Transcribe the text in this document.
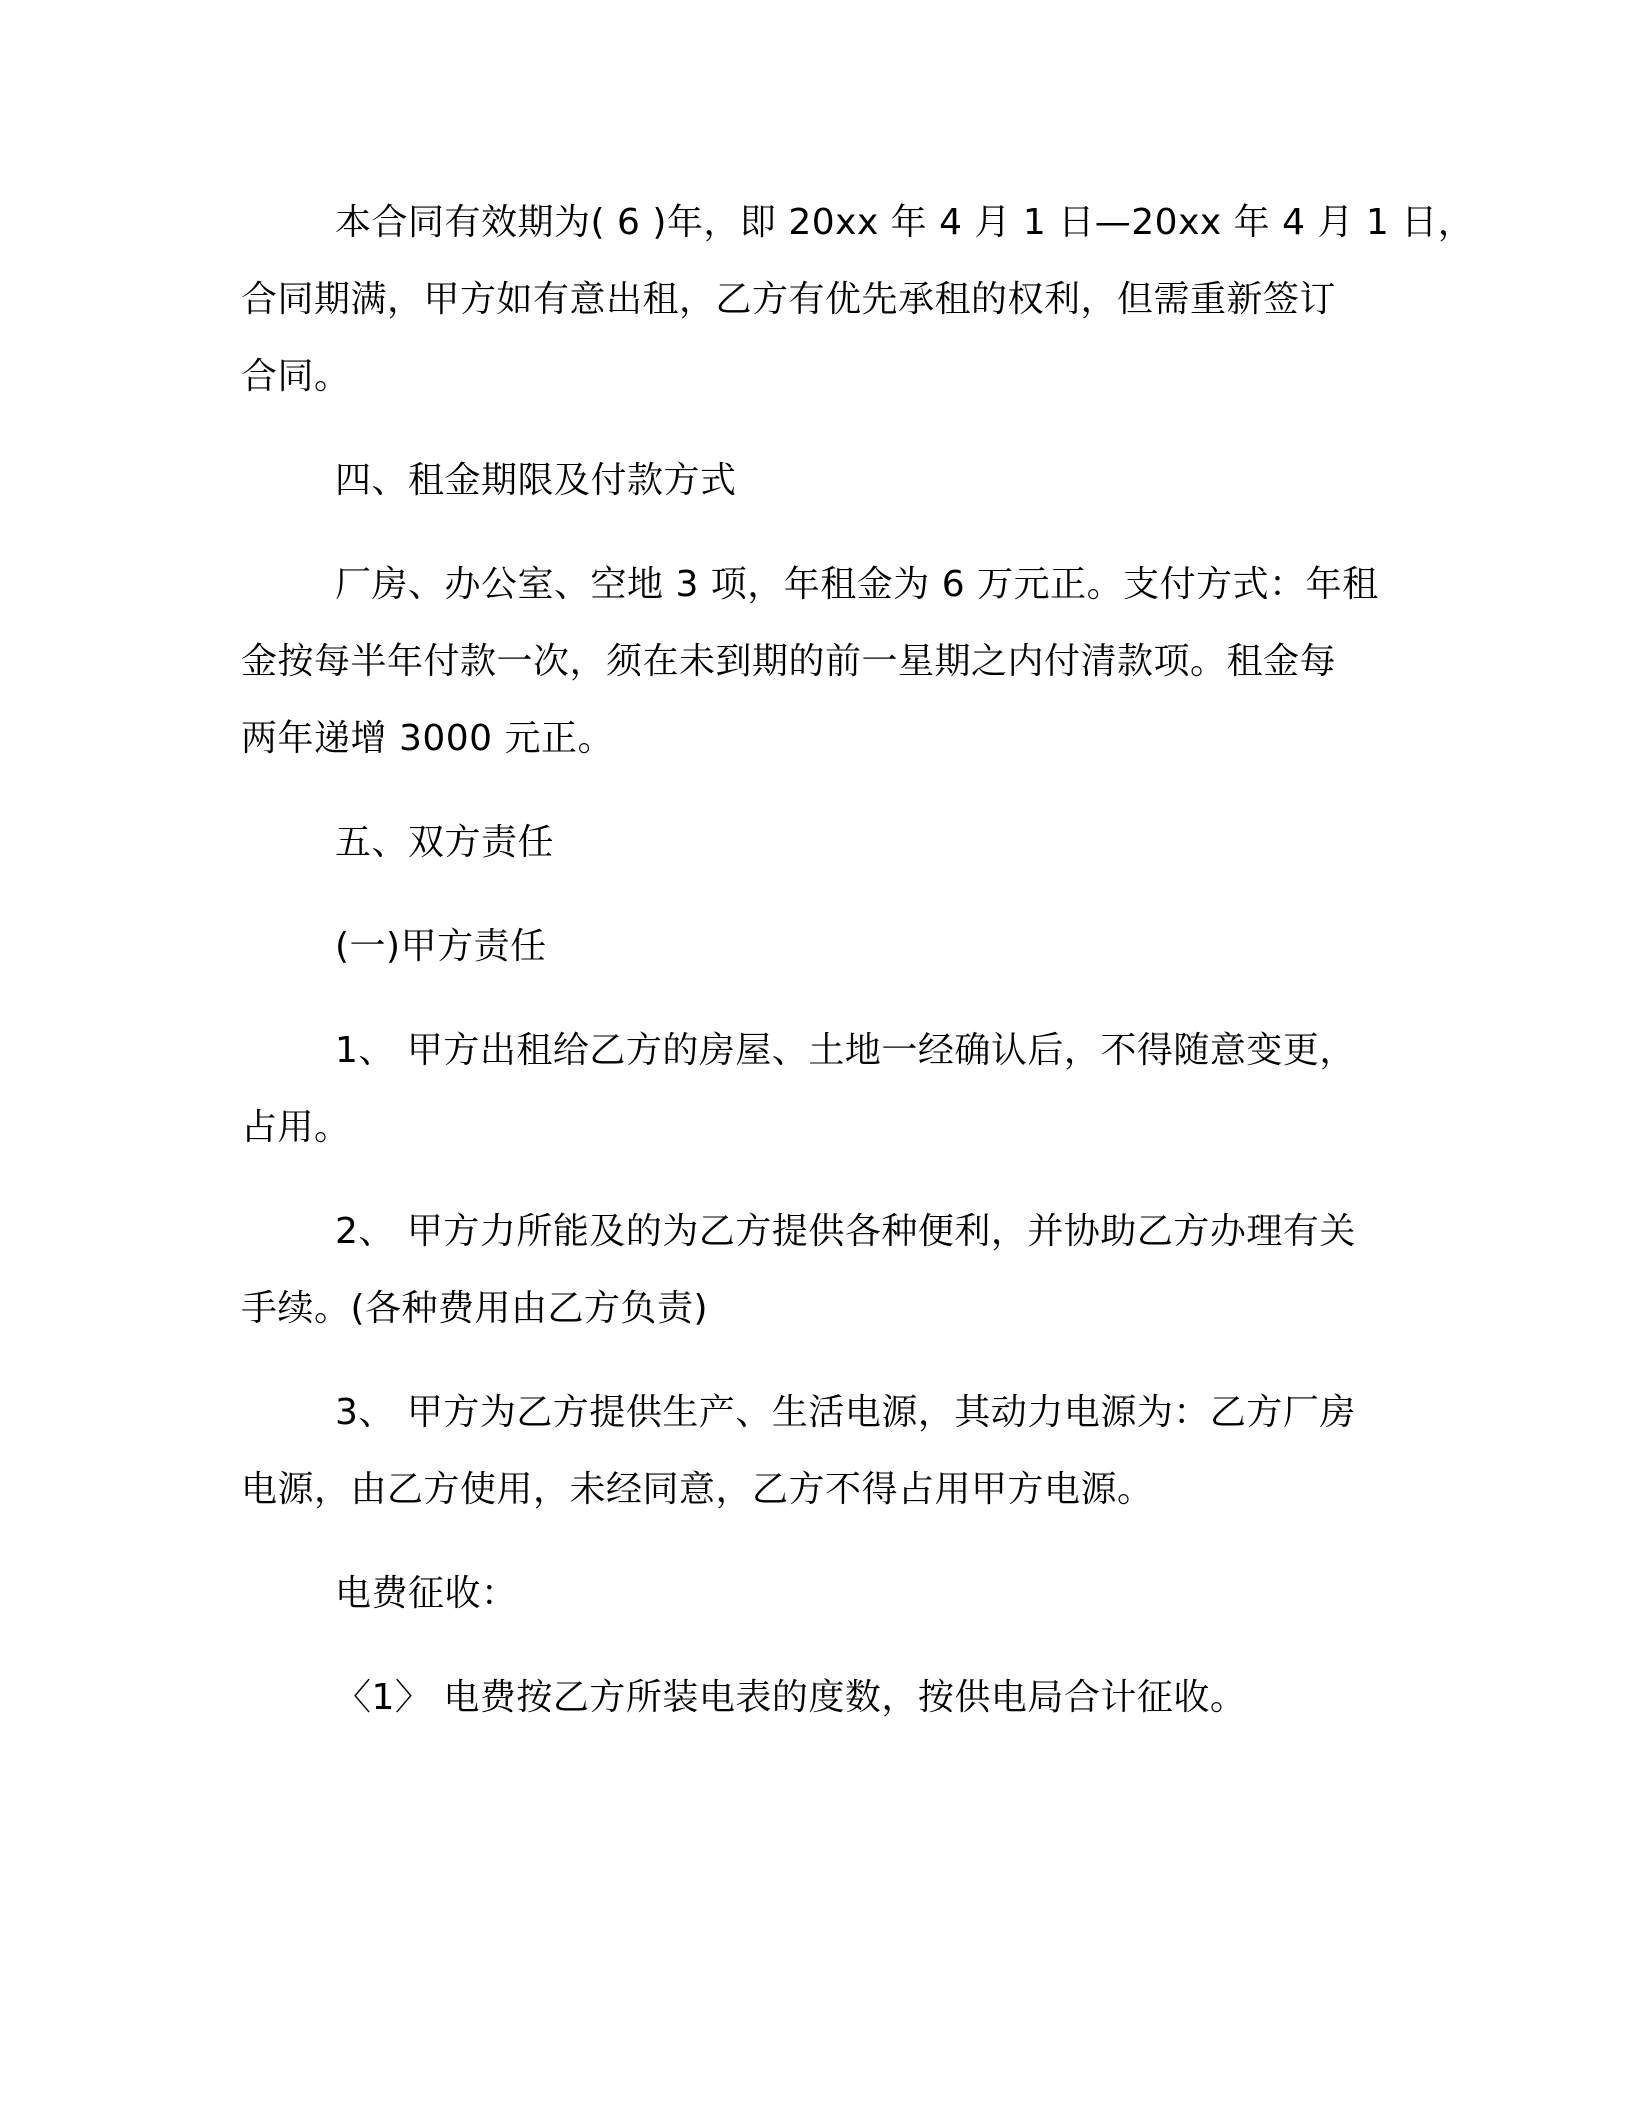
本合同有效期为( 6 )年，即 20xx 年 4 月 1 日—20xx 年 4 月 1 日，
合同期满，甲方如有意出租，乙方有优先承租的权利，但需重新签订
合同。
四、租金期限及付款方式
厂房、办公室、空地 3 项，年租金为 6 万元正。支付方式：年租
金按每半年付款一次，须在未到期的前一星期之内付清款项。租金每
两年递增 3000 元正。
五、双方责任
(一)甲方责任
1、 甲方出租给乙方的房屋、土地一经确认后，不得随意变更，
占用。
2、 甲方力所能及的为乙方提供各种便利，并协助乙方办理有关
手续。(各种费用由乙方负责)
3、 甲方为乙方提供生产、生活电源，其动力电源为：乙方厂房
电源，由乙方使用，未经同意，乙方不得占用甲方电源。
电费征收：
〈1〉 电费按乙方所装电表的度数，按供电局合计征收。
